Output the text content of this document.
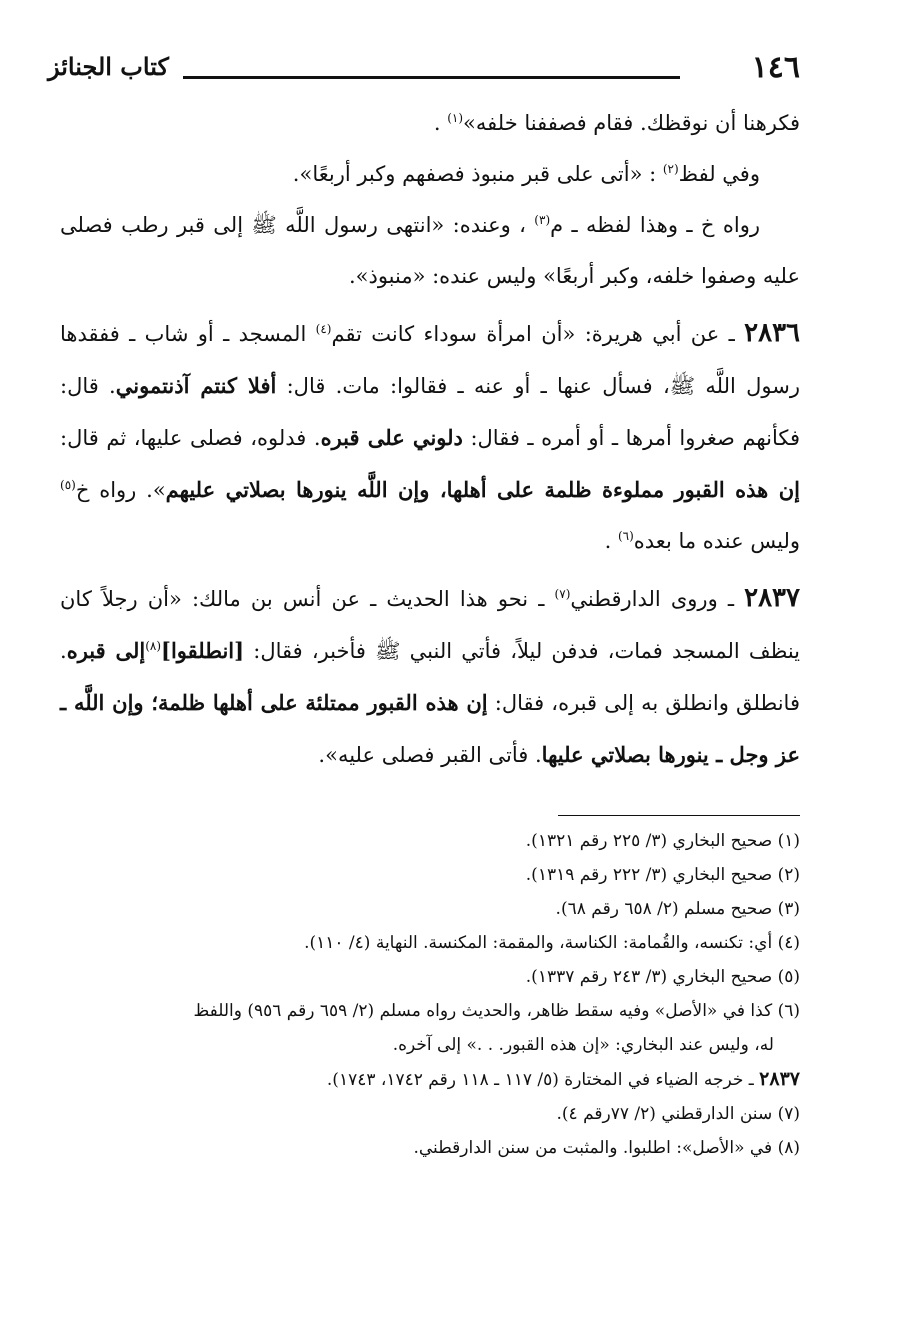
١٤٦
كتاب الجنائز

فكرهنا أن نوقظك. فقام فصففنا خلفه»$^{(١)}$ .

وفي لفظ$^{(٢)}$ : «أتى على قبر منبوذ فصفهم وكبر أربعًا».

رواه خ ـ وهذا لفظه ـ م$^{(٣)}$ ، وعنده: «انتهى رسول اللَّه ﷺ إلى قبر رطب فصلى عليه وصفوا خلفه، وكبر أربعًا» وليس عنده: «منبوذ».

٢٨٣٦ ـ عن أبي هريرة: «أن امرأة سوداء كانت تقم$^{(٤)}$ المسجد ـ أو شاب ـ ففقدها رسول اللَّه ﷺ، فسأل عنها ـ أو عنه ـ فقالوا: مات. قال: أفلا كنتم آذنتموني. قال: فكأنهم صغروا أمرها ـ أو أمره ـ فقال: دلوني على قبره. فدلوه، فصلى عليها، ثم قال: إن هذه القبور مملوءة ظلمة على أهلها، وإن اللَّه ينورها بصلاتي عليهم». رواه خ$^{(٥)}$ وليس عنده ما بعده$^{(٦)}$ .

٢٨٣٧ ـ وروى الدارقطني$^{(٧)}$ ـ نحو هذا الحديث ـ عن أنس بن مالك: «أن رجلاً كان ينظف المسجد فمات، فدفن ليلاً، فأتي النبي ﷺ فأخبر، فقال: [انطلقوا]$^{(٨)}$إلى قبره. فانطلق وانطلق به إلى قبره، فقال: إن هذه القبور ممتلئة على أهلها ظلمة؛ وإن اللَّه ـ عز وجل ـ ينورها بصلاتي عليها. فأتى القبر فصلى عليه».

(١) صحيح البخاري (٣/ ٢٢٥ رقم ١٣٢١).
(٢) صحيح البخاري (٣/ ٢٢٢ رقم ١٣١٩).
(٣) صحيح مسلم (٢/ ٦٥٨ رقم ٦٨).
(٤) أي: تكنسه، والقُمامة: الكناسة، والمقمة: المكنسة. النهاية (٤/ ١١٠).
(٥) صحيح البخاري (٣/ ٢٤٣ رقم ١٣٣٧).
(٦) كذا في «الأصل» وفيه سقط ظاهر، والحديث رواه مسلم (٢/ ٦٥٩ رقم ٩٥٦) واللفظ
له، وليس عند البخاري: «إن هذه القبور. . .» إلى آخره.
٢٨٣٧ ـ خرجه الضياء في المختارة (٥/ ١١٧ ـ ١١٨ رقم ١٧٤٢، ١٧٤٣).
(٧) سنن الدارقطني (٢/ ٧٧رقم ٤).
(٨) في «الأصل»: اطلبوا. والمثبت من سنن الدارقطني.
